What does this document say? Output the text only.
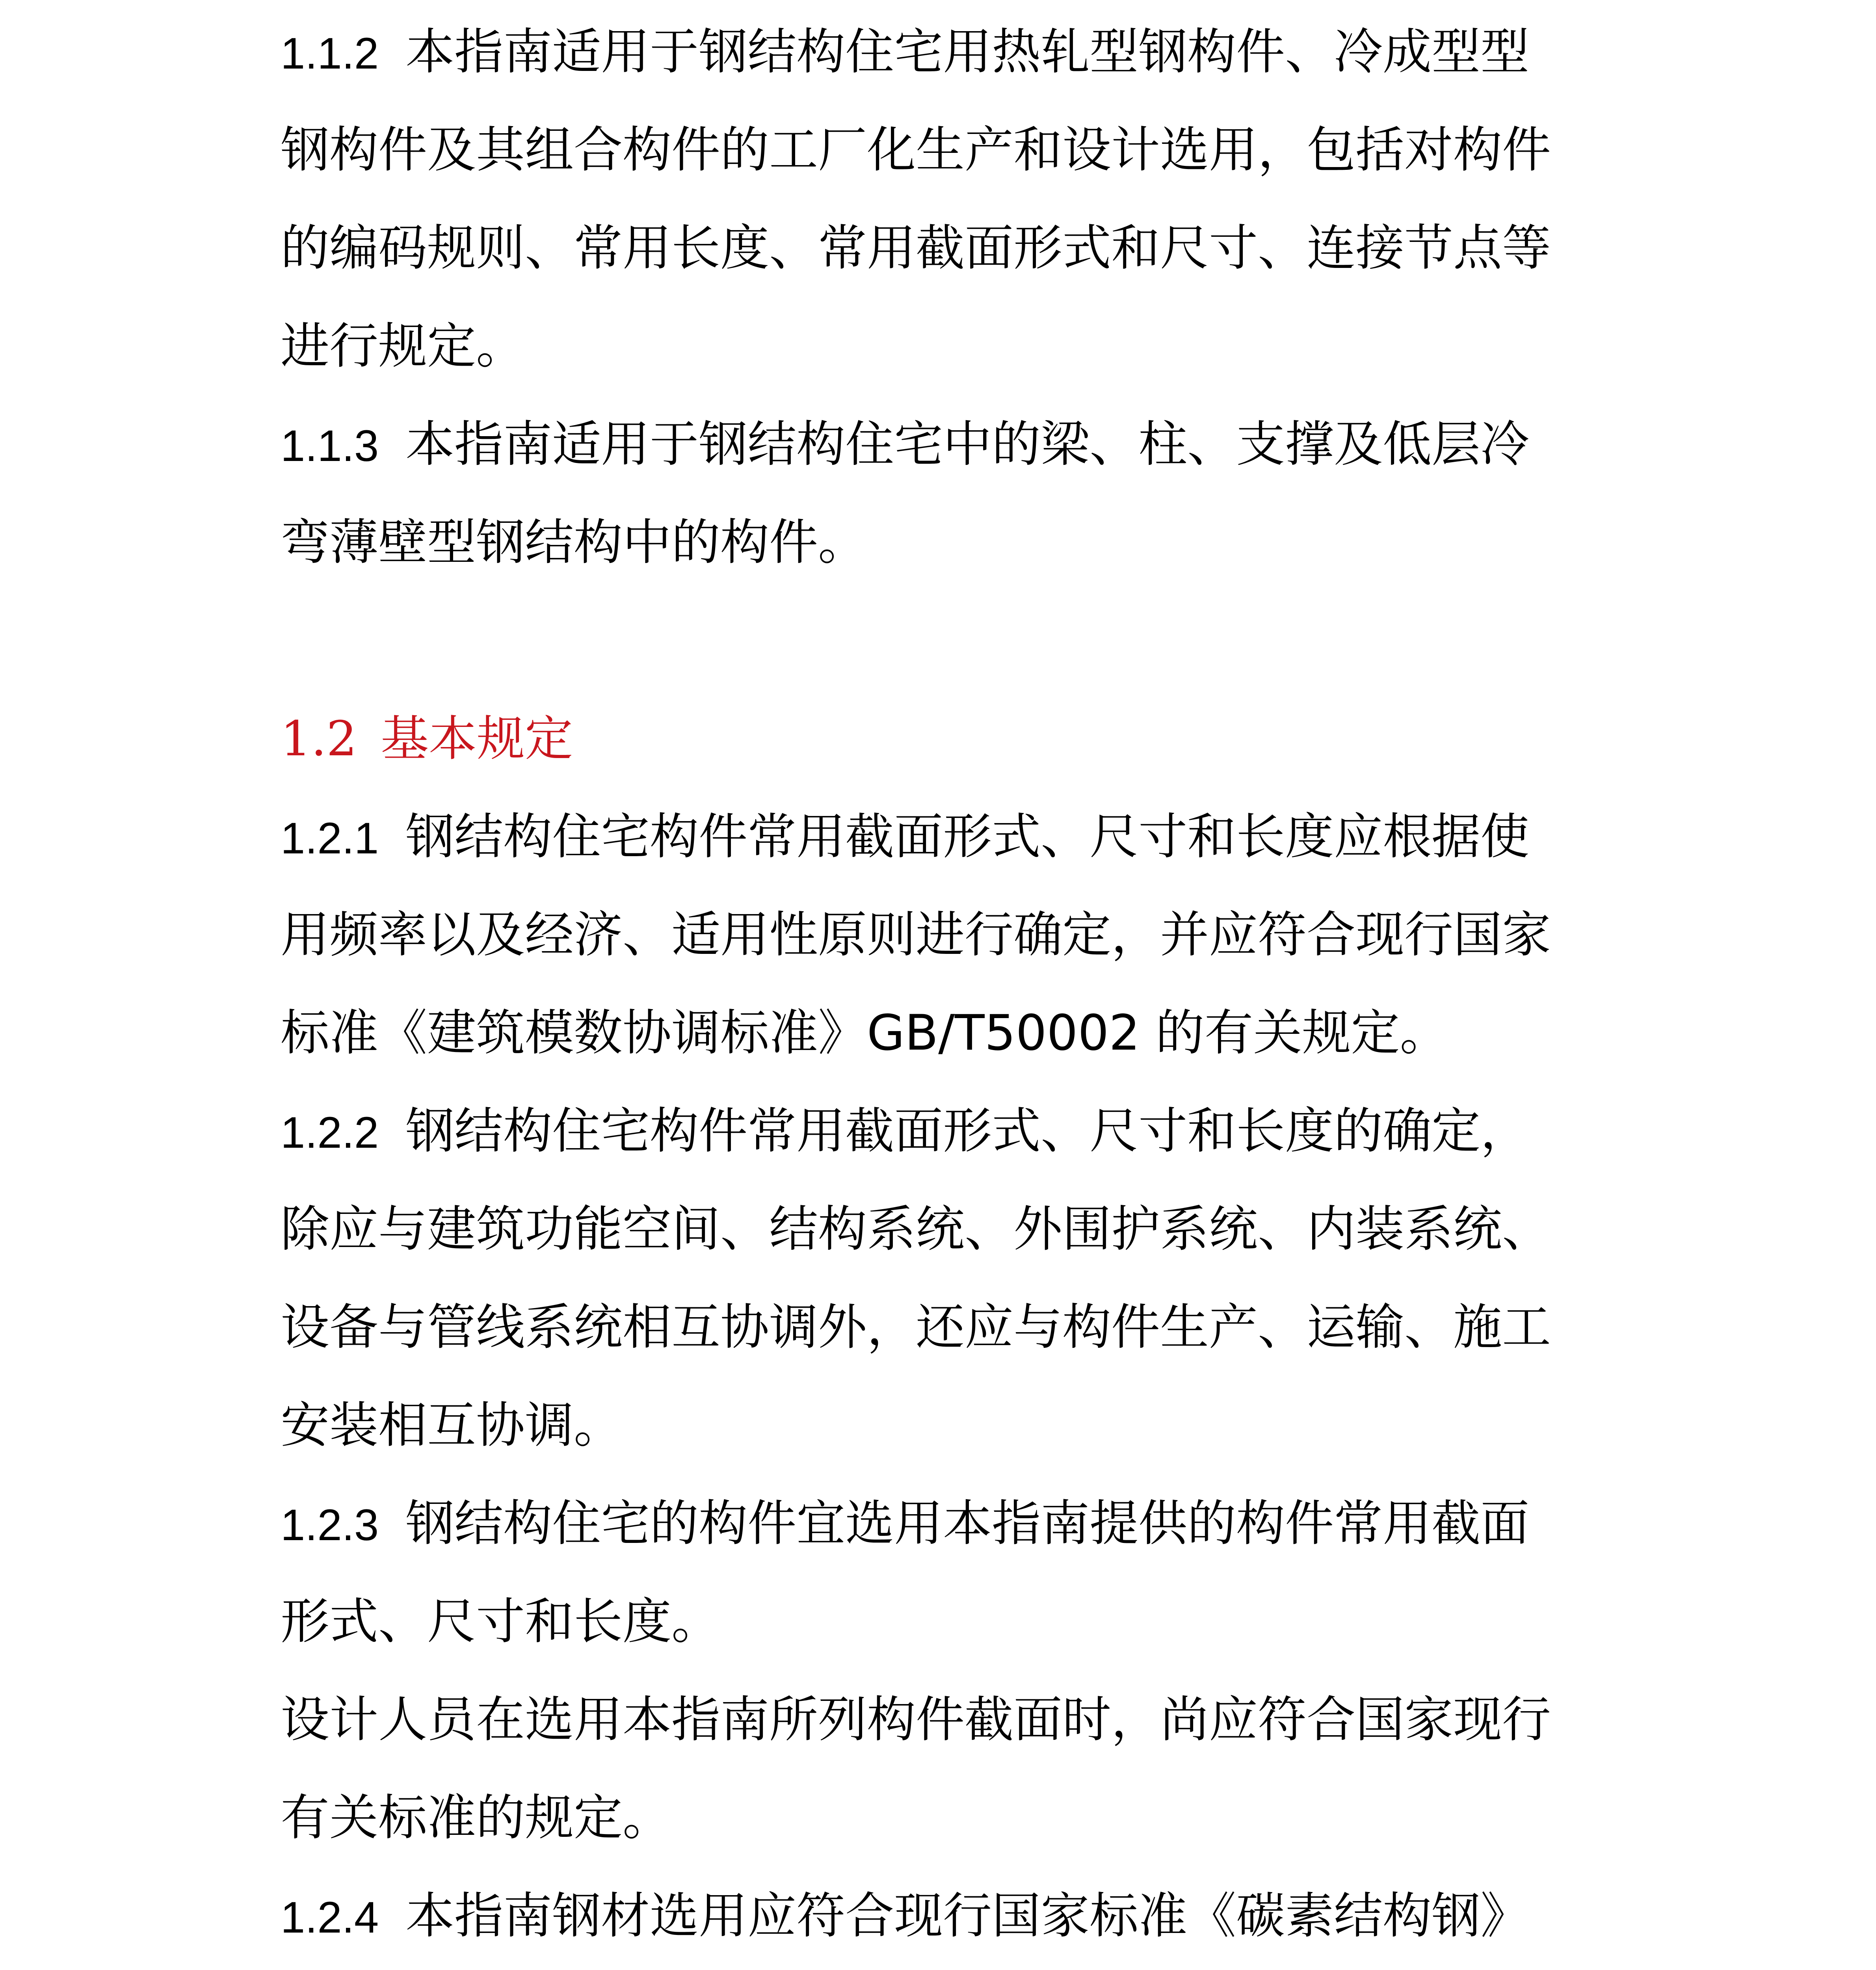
1.1.2 本指南适用于钢结构住宅用热轧型钢构件、冷成型型
钢构件及其组合构件的工厂化生产和设计选用，包括对构件
的编码规则、常用长度、常用截面形式和尺寸、连接节点等
进行规定。
1.1.3 本指南适用于钢结构住宅中的梁、柱、支撑及低层冷
弯薄壁型钢结构中的构件。
1.2 基本规定
1.2.1 钢结构住宅构件常用截面形式、尺寸和长度应根据使
用频率以及经济、适用性原则进行确定，并应符合现行国家
标准《建筑模数协调标准》GB/T50002 的有关规定。
1.2.2 钢结构住宅构件常用截面形式、尺寸和长度的确定，
除应与建筑功能空间、结构系统、外围护系统、内装系统、
设备与管线系统相互协调外，还应与构件生产、运输、施工
安装相互协调。
1.2.3 钢结构住宅的构件宜选用本指南提供的构件常用截面
形式、尺寸和长度。
设计人员在选用本指南所列构件截面时，尚应符合国家现行
有关标准的规定。
1.2.4 本指南钢材选用应符合现行国家标准《碳素结构钢》
